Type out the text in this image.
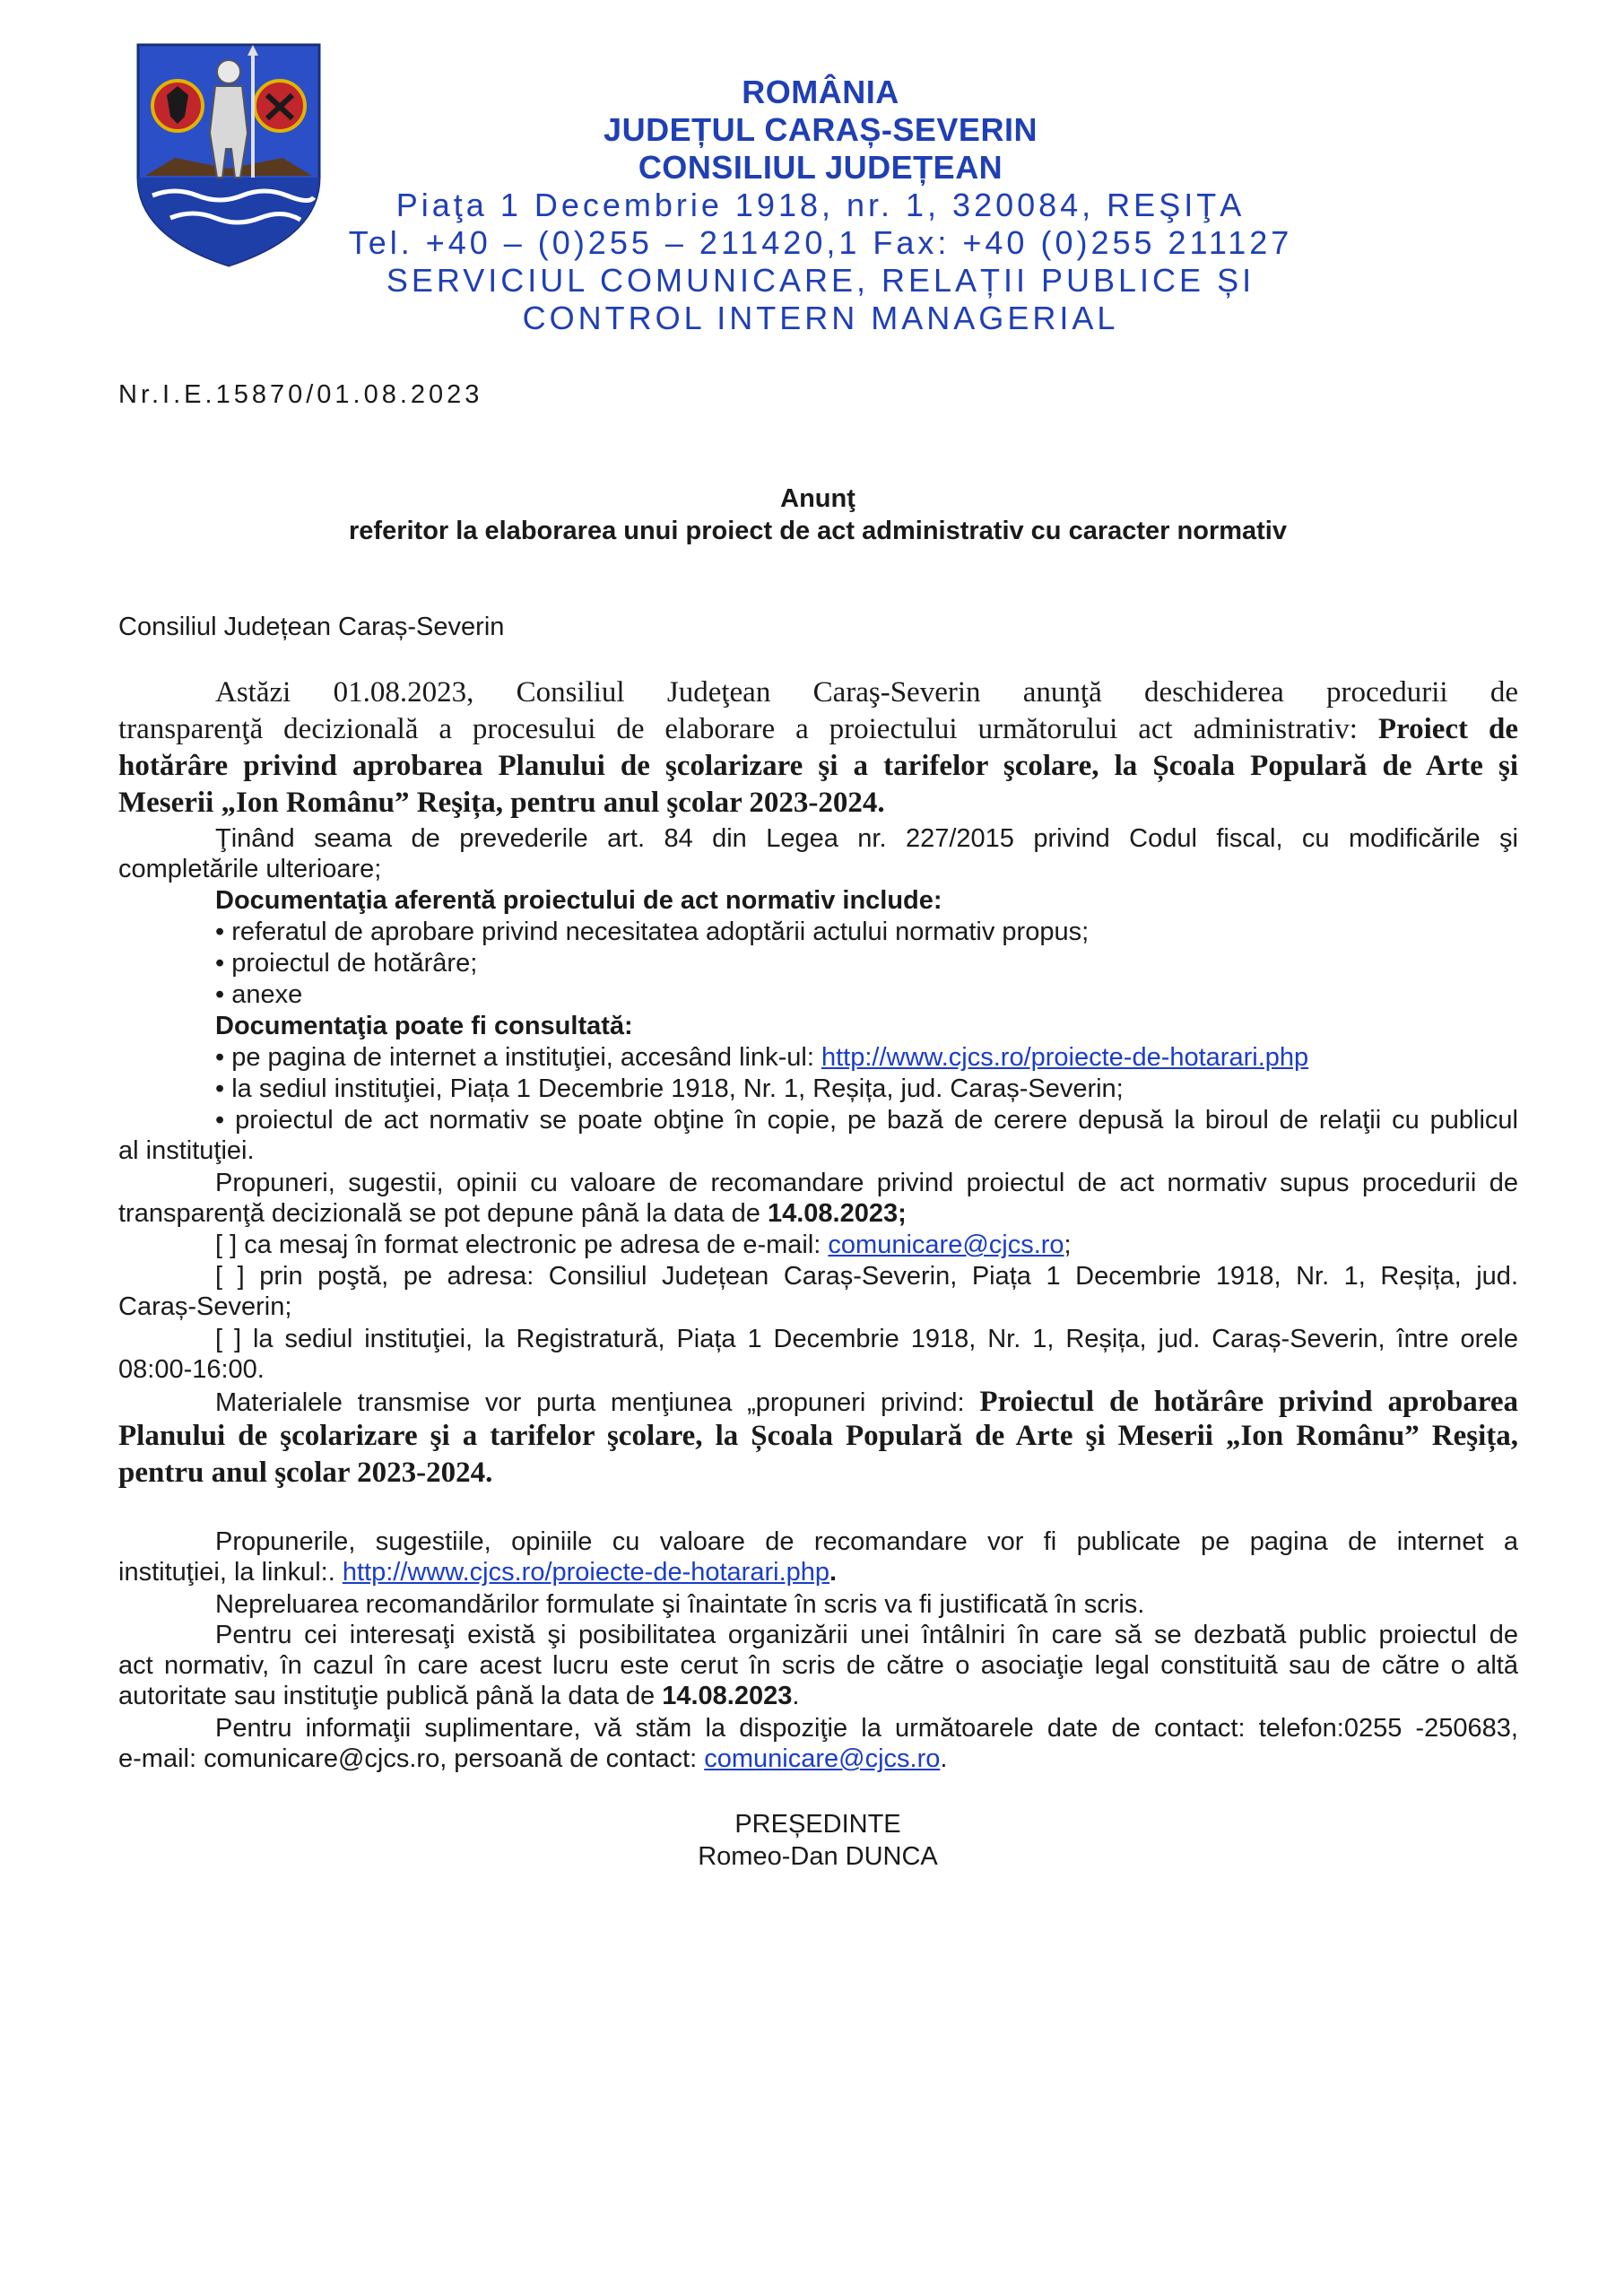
ROMÂNIA
JUDEȚUL CARAȘ-SEVERIN
CONSILIUL JUDEȚEAN
Piaţa 1 Decembrie 1918, nr. 1, 320084, REŞIŢA
Tel. +40 – (0)255 – 211420,1 Fax: +40 (0)255 211127
SERVICIUL COMUNICARE, RELAȚII PUBLICE ȘI
CONTROL INTERN MANAGERIAL
Nr.I.E.15870/01.08.2023
Anunţ
referitor la elaborarea unui proiect de act administrativ cu caracter normativ
Consiliul Județean Caraș-Severin
Astăzi 01.08.2023, Consiliul Judeţean Caraş-Severin anunţă deschiderea procedurii de
transparenţă decizională a procesului de elaborare a proiectului următorului act administrativ: Proiect de
hotărâre privind aprobarea Planului de şcolarizare şi a tarifelor şcolare, la Școala Populară de Arte şi
Meserii „Ion Românu” Reşița, pentru anul şcolar 2023-2024.
Ţinând seama de prevederile art. 84 din Legea nr. 227/2015 privind Codul fiscal, cu modificările şi
completările ulterioare;
Documentaţia aferentă proiectului de act normativ include:
• referatul de aprobare privind necesitatea adoptării actului normativ propus;
• proiectul de hotărâre;
• anexe
Documentaţia poate fi consultată:
• pe pagina de internet a instituţiei, accesând link-ul: http://www.cjcs.ro/proiecte-de-hotarari.php
• la sediul instituţiei, Piața 1 Decembrie 1918, Nr. 1, Reșița, jud. Caraș-Severin;
• proiectul de act normativ se poate obţine în copie, pe bază de cerere depusă la biroul de relaţii cu publicul
al instituţiei.
Propuneri, sugestii, opinii cu valoare de recomandare privind proiectul de act normativ supus procedurii de
transparenţă decizională se pot depune până la data de 14.08.2023;
[ ] ca mesaj în format electronic pe adresa de e-mail: comunicare@cjcs.ro;
[ ] prin poştă, pe adresa: Consiliul Județean Caraș-Severin, Piața 1 Decembrie 1918, Nr. 1, Reșița, jud.
Caraș-Severin;
[ ] la sediul instituţiei, la Registratură, Piața 1 Decembrie 1918, Nr. 1, Reșița, jud. Caraș-Severin, între orele
08:00-16:00.
Materialele transmise vor purta menţiunea „propuneri privind: Proiectul de hotărâre privind aprobarea
Planului de şcolarizare şi a tarifelor şcolare, la Școala Populară de Arte şi Meserii „Ion Românu” Reşița,
pentru anul şcolar 2023-2024.
Propunerile, sugestiile, opiniile cu valoare de recomandare vor fi publicate pe pagina de internet a
instituţiei, la linkul:. http://www.cjcs.ro/proiecte-de-hotarari.php.
Nepreluarea recomandărilor formulate şi înaintate în scris va fi justificată în scris.
Pentru cei interesaţi există şi posibilitatea organizării unei întâlniri în care să se dezbată public proiectul de
act normativ, în cazul în care acest lucru este cerut în scris de către o asociaţie legal constituită sau de către o altă
autoritate sau instituţie publică până la data de 14.08.2023.
Pentru informaţii suplimentare, vă stăm la dispoziţie la următoarele date de contact: telefon:0255 -250683,
e-mail: comunicare@cjcs.ro, persoană de contact: comunicare@cjcs.ro.
PREȘEDINTE
Romeo-Dan DUNCA
